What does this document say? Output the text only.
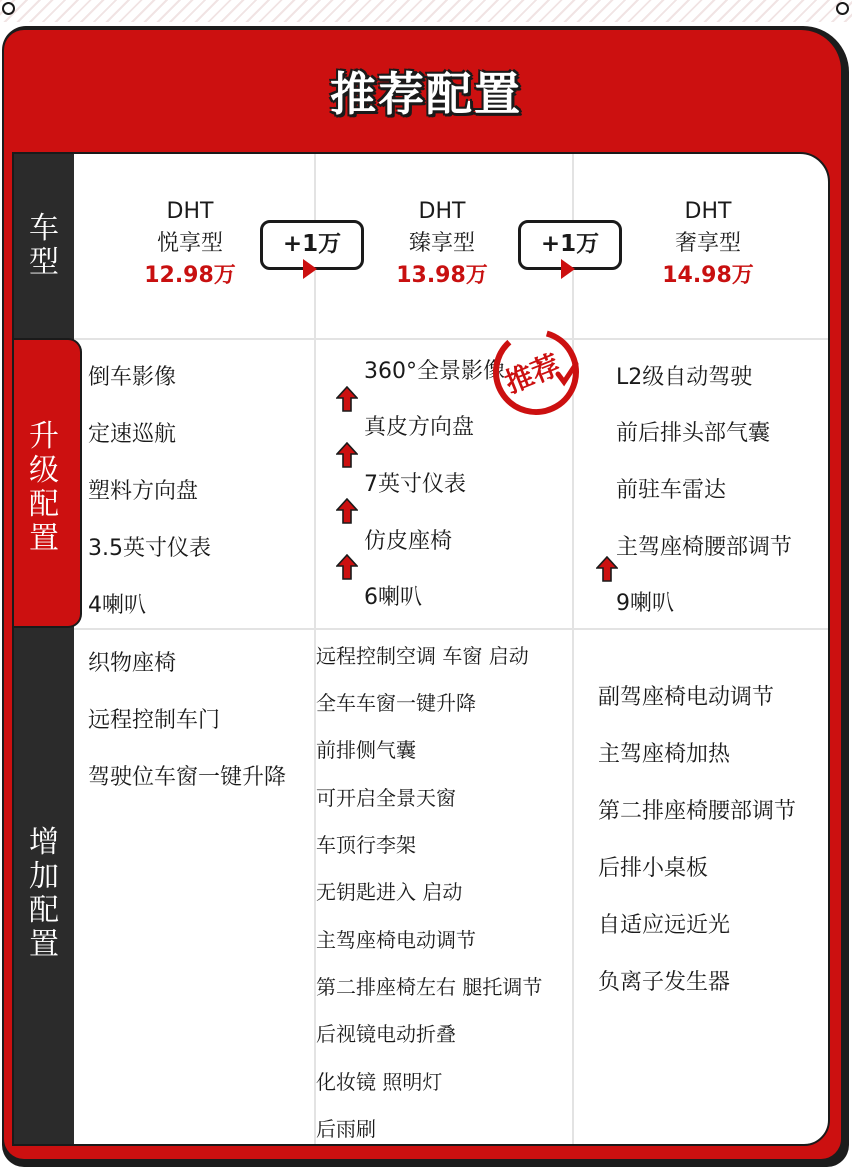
推荐配置
车
型
升
级
配
置
增
加
配
置
DHT
悦享型
12.98万
DHT
臻享型
13.98万
DHT
奢享型
14.98万
+1万	+1万
倒车影像
定速巡航
塑料方向盘
3.5英寸仪表
4喇叭
360°全景影像
真皮方向盘
7英寸仪表
仿皮座椅
6喇叭
L2级自动驾驶
前后排头部气囊
前驻车雷达
主驾座椅腰部调节
9喇叭
织物座椅
远程控制车门
驾驶位车窗一键升降
远程控制空调 车窗 启动
全车车窗一键升降
前排侧气囊
可开启全景天窗
车顶行李架
无钥匙进入 启动
主驾座椅电动调节
第二排座椅左右 腿托调节
后视镜电动折叠
化妆镜 照明灯
后雨刷
副驾座椅电动调节
主驾座椅加热
第二排座椅腰部调节
后排小桌板
自适应远近光
负离子发生器
推荐
